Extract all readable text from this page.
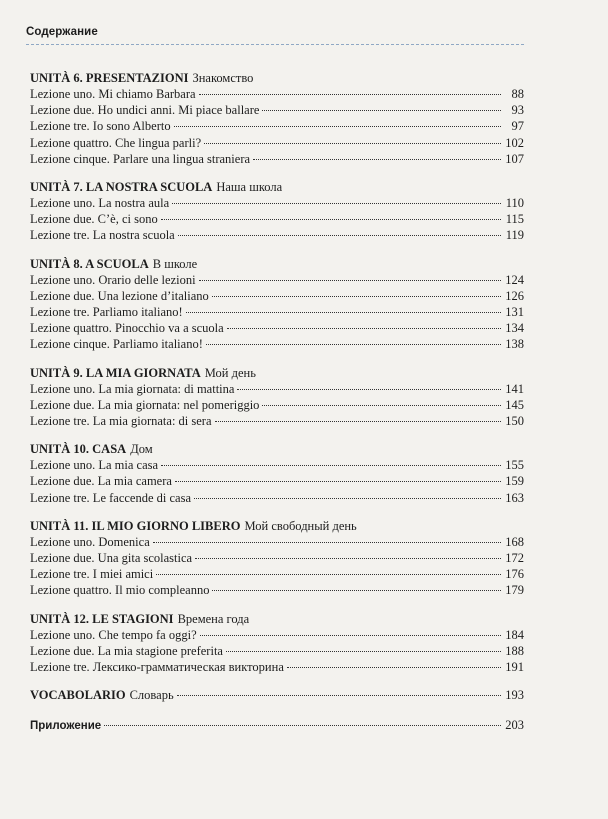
Содержание
UNITÀ 6. PRESENTAZIONI Знакомство
Lezione uno. Mi chiamo Barbara	88
Lezione due. Ho undici anni. Mi piace ballare	93
Lezione tre. Io sono Alberto	97
Lezione quattro. Che lingua parli?	102
Lezione cinque. Parlare una lingua straniera	107
UNITÀ 7. LA NOSTRA SCUOLA Наша школа
Lezione uno. La nostra aula	110
Lezione due. C’è, ci sono	115
Lezione tre. La nostra scuola	119
UNITÀ 8. A SCUOLA В школе
Lezione uno. Orario delle lezioni	124
Lezione due. Una lezione d’italiano	126
Lezione tre. Parliamo italiano!	131
Lezione quattro. Pinocchio va a scuola	134
Lezione cinque. Parliamo italiano!	138
UNITÀ 9. LA MIA GIORNATA Мой день
Lezione uno. La mia giornata: di mattina	141
Lezione due. La mia giornata: nel pomeriggio	145
Lezione tre. La mia giornata: di sera	150
UNITÀ 10. CASA Дом
Lezione uno. La mia casa	155
Lezione due. La mia camera	159
Lezione tre. Le faccende di casa	163
UNITÀ 11. IL MIO GIORNO LIBERO Мой свободный день
Lezione uno. Domenica	168
Lezione due. Una gita scolastica	172
Lezione tre. I miei amici	176
Lezione quattro. Il mio compleanno	179
UNITÀ 12. LE STAGIONI Времена года
Lezione uno. Che tempo fa oggi?	184
Lezione due. La mia stagione preferita	188
Lezione tre. Лексико-грамматическая викторина	191
VOCABOLARIO Словарь	193
Приложение	203
